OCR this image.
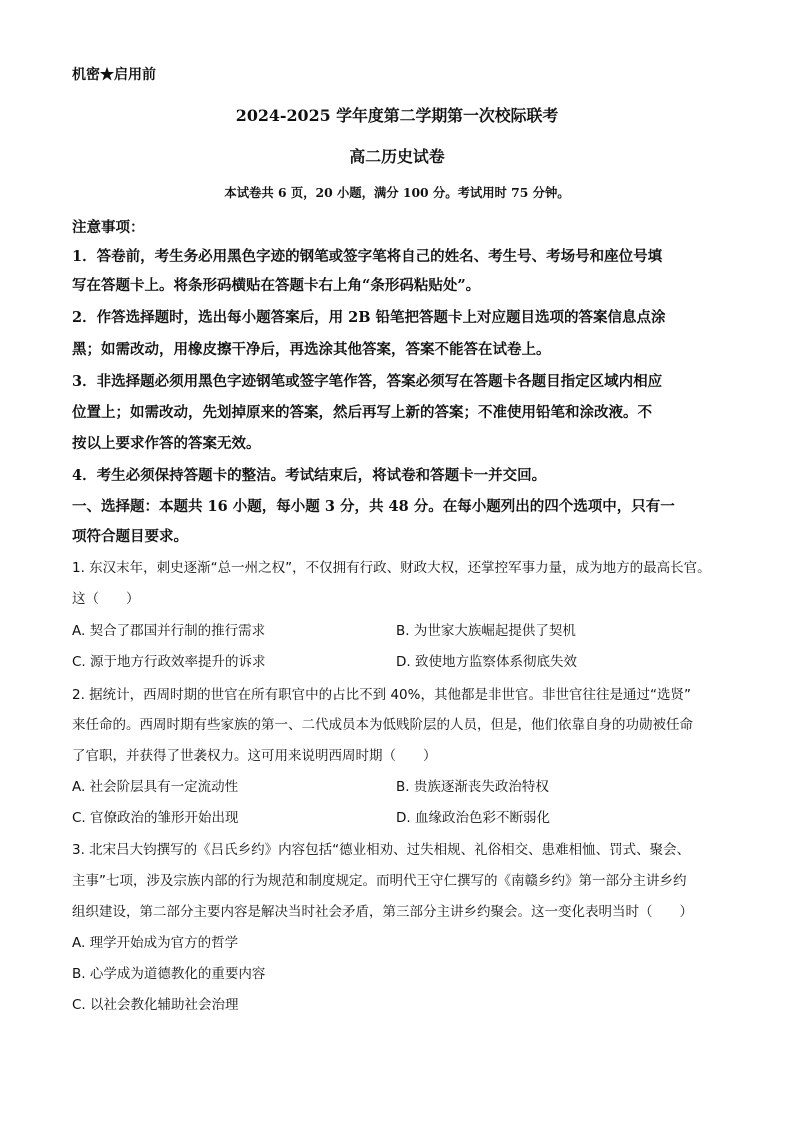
机密★启用前
2024-2025 学年度第二学期第一次校际联考
高二历史试卷
本试卷共 6 页，20 小题，满分 100 分。考试用时 75 分钟。
注意事项：
1．答卷前，考生务必用黑色字迹的钢笔或签字笔将自己的姓名、考生号、考场号和座位号填
写在答题卡上。将条形码横贴在答题卡右上角“条形码粘贴处”。
2．作答选择题时，选出每小题答案后，用 2B 铅笔把答题卡上对应题目选项的答案信息点涂
黑；如需改动，用橡皮擦干净后，再选涂其他答案，答案不能答在试卷上。
3．非选择题必须用黑色字迹钢笔或签字笔作答，答案必须写在答题卡各题目指定区域内相应
位置上；如需改动，先划掉原来的答案，然后再写上新的答案；不准使用铅笔和涂改液。不
按以上要求作答的答案无效。
4．考生必须保持答题卡的整洁。考试结束后，将试卷和答题卡一并交回。
一、选择题：本题共 16 小题，每小题 3 分，共 48 分。在每小题列出的四个选项中，只有一
项符合题目要求。
1. 东汉末年，刺史逐渐“总一州之权”，不仅拥有行政、财政大权，还掌控军事力量，成为地方的最高长官。
这（　　）
A. 契合了郡国并行制的推行需求	B. 为世家大族崛起提供了契机
C. 源于地方行政效率提升的诉求	D. 致使地方监察体系彻底失效
2. 据统计，西周时期的世官在所有职官中的占比不到 40%，其他都是非世官。非世官往往是通过“选贤”
来任命的。西周时期有些家族的第一、二代成员本为低贱阶层的人员，但是，他们依靠自身的功勋被任命
了官职，并获得了世袭权力。这可用来说明西周时期（　　）
A. 社会阶层具有一定流动性	B. 贵族逐渐丧失政治特权
C. 官僚政治的雏形开始出现	D. 血缘政治色彩不断弱化
3. 北宋吕大钧撰写的《吕氏乡约》内容包括“德业相劝、过失相规、礼俗相交、患难相恤、罚式、聚会、
主事”七项，涉及宗族内部的行为规范和制度规定。而明代王守仁撰写的《南赣乡约》第一部分主讲乡约
组织建设，第二部分主要内容是解决当时社会矛盾，第三部分主讲乡约聚会。这一变化表明当时（　　）
A. 理学开始成为官方的哲学
B. 心学成为道德教化的重要内容
C. 以社会教化辅助社会治理
